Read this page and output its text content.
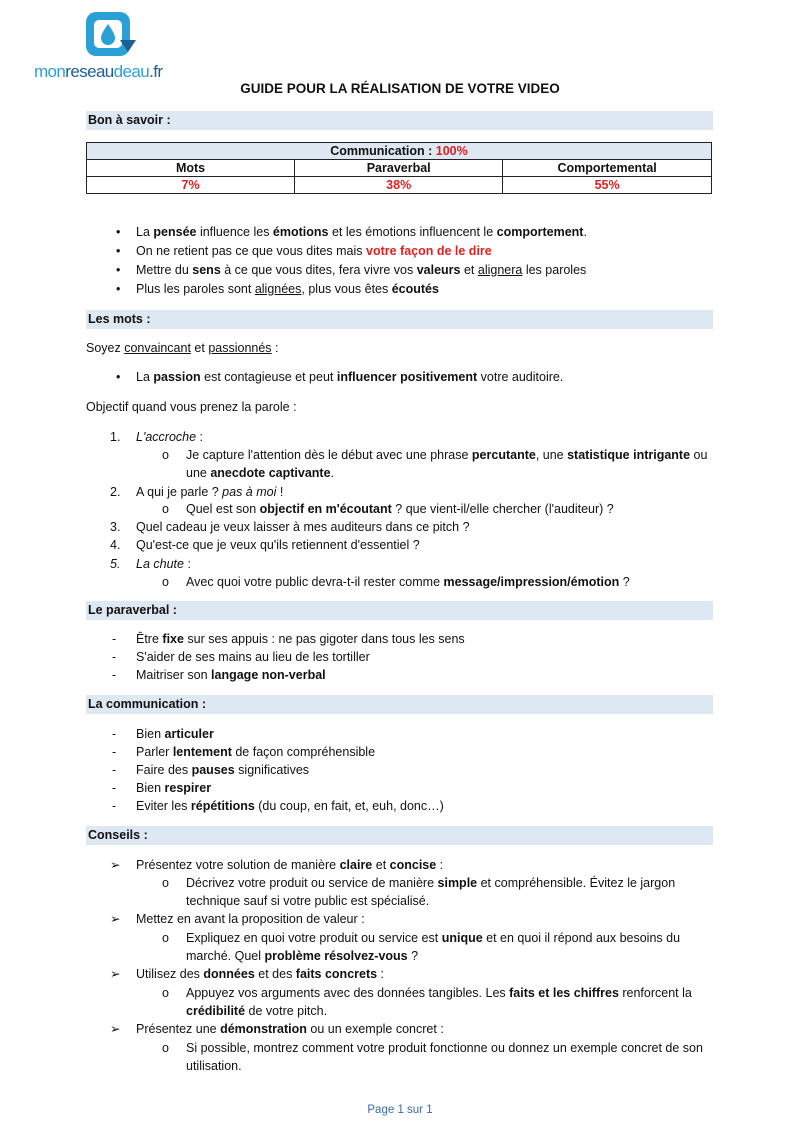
monreseaudeau.fr
GUIDE POUR LA RÉALISATION DE VOTRE VIDEO
Bon à savoir :
Communication : 100%		
Mots	Paraverbal	Comportemental
7%	38%	55%
• La pensée influence les émotions et les émotions influencent le comportement.
• On ne retient pas ce que vous dites mais votre façon de le dire
• Mettre du sens à ce que vous dites, fera vivre vos valeurs et alignera les paroles
• Plus les paroles sont alignées, plus vous êtes écoutés
Les mots :
Soyez convaincant et passionnés :
• La passion est contagieuse et peut influencer positivement votre auditoire.
Objectif quand vous prenez la parole :
1. L'accroche :
o Je capture l'attention dès le début avec une phrase percutante, une statistique intrigante ou
une anecdote captivante.
2. A qui je parle ? pas à moi !
o Quel est son objectif en m'écoutant ? que vient-il/elle chercher (l'auditeur) ?
3. Quel cadeau je veux laisser à mes auditeurs dans ce pitch ?
4. Qu'est-ce que je veux qu'ils retiennent d'essentiel ?
5. La chute :
o Avec quoi votre public devra-t-il rester comme message/impression/émotion ?
Le paraverbal :
- Être fixe sur ses appuis : ne pas gigoter dans tous les sens
- S'aider de ses mains au lieu de les tortiller
- Maitriser son langage non-verbal
La communication :
- Bien articuler
- Parler lentement de façon compréhensible
- Faire des pauses significatives
- Bien respirer
- Eviter les répétitions (du coup, en fait, et, euh, donc…)
Conseils :
➢ Présentez votre solution de manière claire et concise :
o Décrivez votre produit ou service de manière simple et compréhensible. Évitez le jargon
technique sauf si votre public est spécialisé.
➢ Mettez en avant la proposition de valeur :
o Expliquez en quoi votre produit ou service est unique et en quoi il répond aux besoins du
marché. Quel problème résolvez-vous ?
➢ Utilisez des données et des faits concrets :
o Appuyez vos arguments avec des données tangibles. Les faits et les chiffres renforcent la
crédibilité de votre pitch.
➢ Présentez une démonstration ou un exemple concret :
o Si possible, montrez comment votre produit fonctionne ou donnez un exemple concret de son
utilisation.
Page 1 sur 1
